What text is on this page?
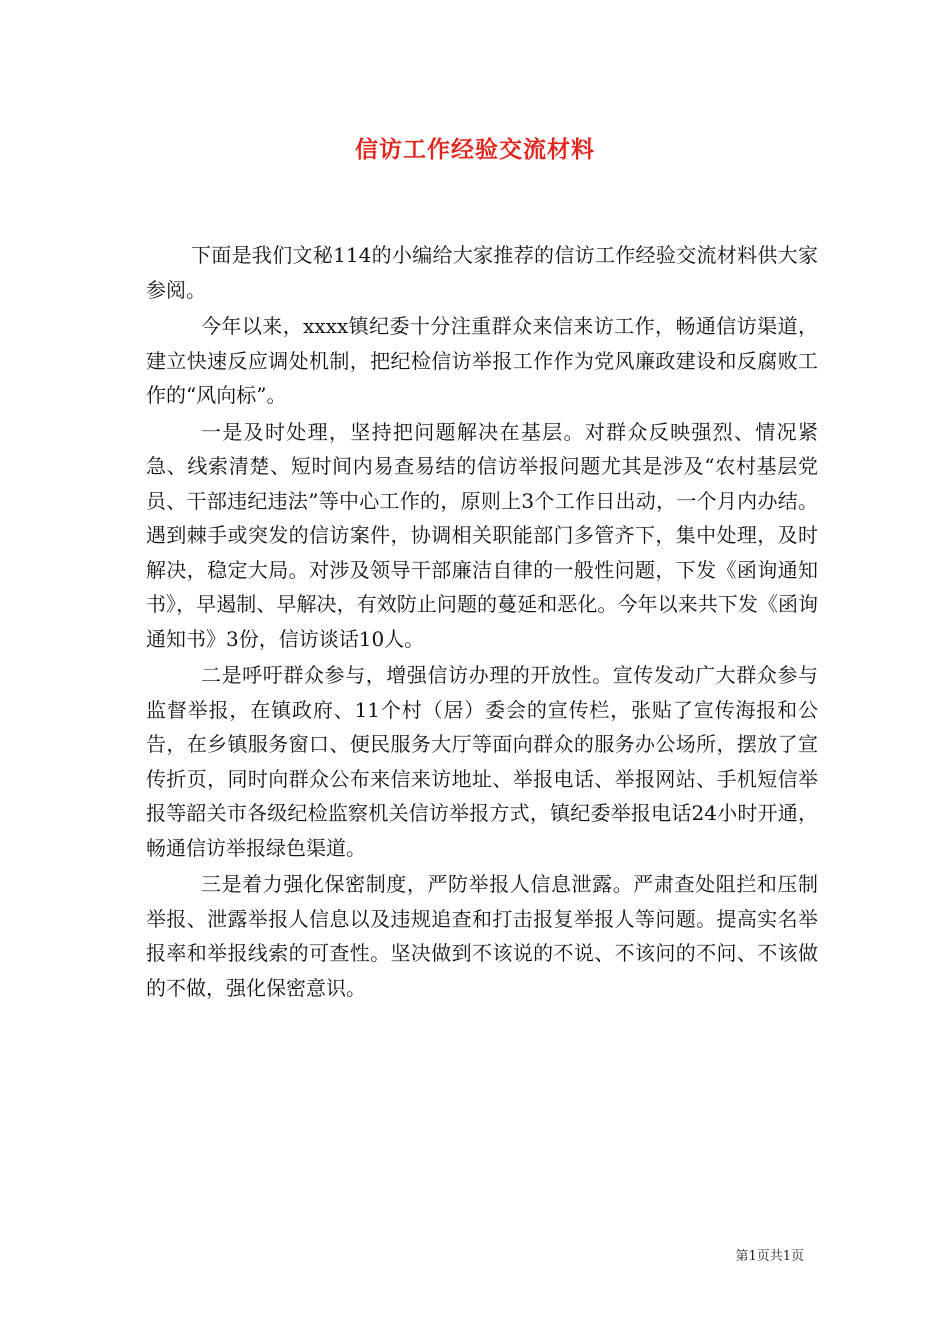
信访工作经验交流材料

下面是我们文秘114的小编给大家推荐的信访工作经验交流材料供大家参阅。

今年以来，xxxx镇纪委十分注重群众来信来访工作，畅通信访渠道，建立快速反应调处机制，把纪检信访举报工作作为党风廉政建设和反腐败工作的“风向标”。

一是及时处理，坚持把问题解决在基层。对群众反映强烈、情况紧急、线索清楚、短时间内易查易结的信访举报问题尤其是涉及“农村基层党员、干部违纪违法”等中心工作的，原则上3个工作日出动，一个月内办结。遇到棘手或突发的信访案件，协调相关职能部门多管齐下，集中处理，及时解决，稳定大局。对涉及领导干部廉洁自律的一般性问题，下发《函询通知书》，早遏制、早解决，有效防止问题的蔓延和恶化。今年以来共下发《函询通知书》3份，信访谈话10人。

二是呼吁群众参与，增强信访办理的开放性。宣传发动广大群众参与监督举报，在镇政府、11个村（居）委会的宣传栏，张贴了宣传海报和公告，在乡镇服务窗口、便民服务大厅等面向群众的服务办公场所，摆放了宣传折页，同时向群众公布来信来访地址、举报电话、举报网站、手机短信举报等韶关市各级纪检监察机关信访举报方式，镇纪委举报电话24小时开通，畅通信访举报绿色渠道。

三是着力强化保密制度，严防举报人信息泄露。严肃查处阻拦和压制举报、泄露举报人信息以及违规追查和打击报复举报人等问题。提高实名举报率和举报线索的可查性。坚决做到不该说的不说、不该问的不问、不该做的不做，强化保密意识。

第1页共1页
